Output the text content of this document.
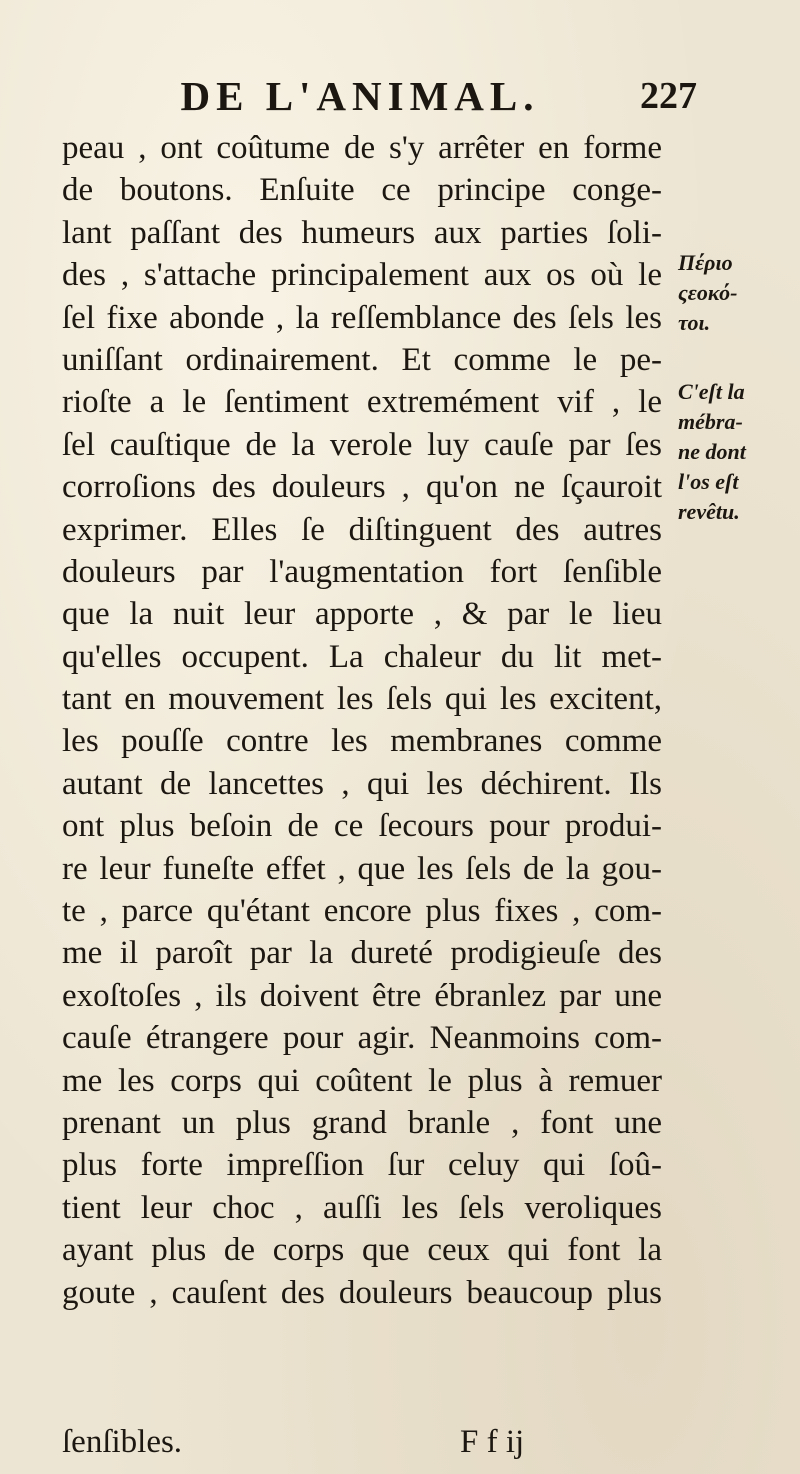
DE L'ANIMAL.	227
peau , ont coûtume de s'y arrêter en forme
de boutons. Enſuite ce principe conge-
lant paſſant des humeurs aux parties ſoli-
des , s'attache principalement aux os où le
ſel fixe abonde , la reſſemblance des ſels les
uniſſant ordinairement. Et comme le pe-
rioſte a le ſentiment extremément vif , le
ſel cauſtique de la verole luy cauſe par ſes
corroſions des douleurs , qu'on ne ſçauroit
exprimer. Elles ſe diſtinguent des autres
douleurs par l'augmentation fort ſenſible
que la nuit leur apporte , & par le lieu
qu'elles occupent. La chaleur du lit met-
tant en mouvement les ſels qui les excitent,
les pouſſe contre les membranes comme
autant de lancettes , qui les déchirent. Ils
ont plus beſoin de ce ſecours pour produi-
re leur funeſte effet , que les ſels de la gou-
te , parce qu'étant encore plus fixes , com-
me il paroît par la dureté prodigieuſe des
exoſtoſes , ils doivent être ébranlez par une
cauſe étrangere pour agir. Neanmoins com-
me les corps qui coûtent le plus à remuer
prenant un plus grand branle , font une
plus forte impreſſion ſur celuy qui ſoû-
tient leur choc , auſſi les ſels veroliques
ayant plus de corps que ceux qui font la
goute , cauſent des douleurs beaucoup plus
Πέριο
ςεοκό-
τοι.
C'eſt la
mébra-
ne dont
l'os eſt
revêtu.
ſenſibles.	F f ij
